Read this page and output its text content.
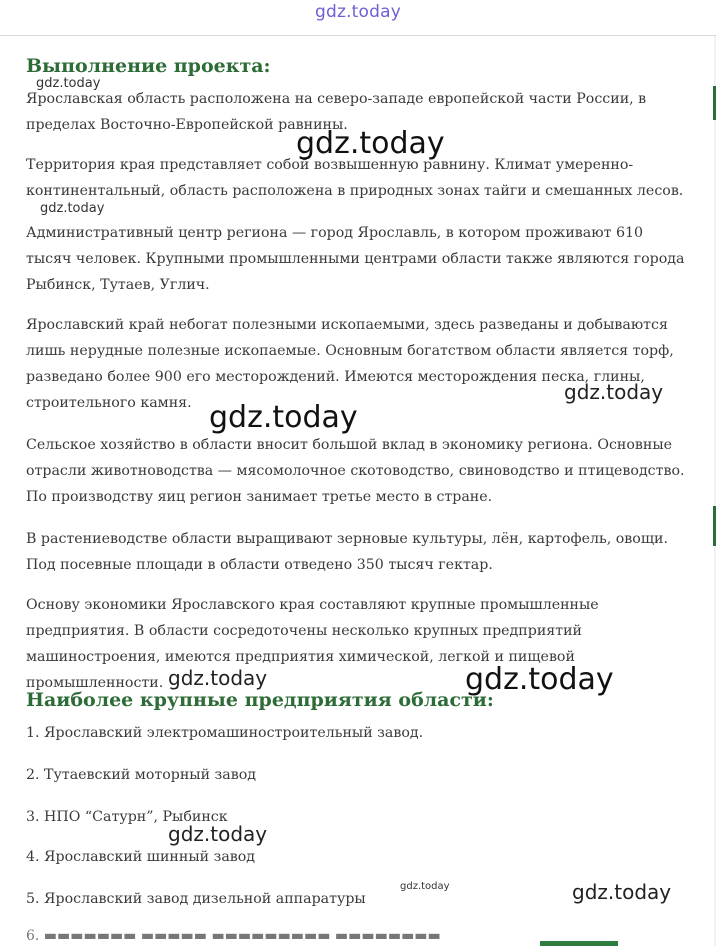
gdz.today
Выполнение проекта:

Ярославская область расположена на северо-западе европейской части России, в пределах Восточно-Европейской равнины.

Территория края представляет собой возвышенную равнину. Климат умеренно-континентальный, область расположена в природных зонах тайги и смешанных лесов.

Административный центр региона — город Ярославль, в котором проживают 610 тысяч человек. Крупными промышленными центрами области также являются города Рыбинск, Тутаев, Углич.

Ярославский край небогат полезными ископаемыми, здесь разведаны и добываются лишь нерудные полезные ископаемые. Основным богатством области является торф, разведано более 900 его месторождений. Имеются месторождения песка, глины, строительного камня.

Сельское хозяйство в области вносит большой вклад в экономику региона. Основные отрасли животноводства — мясомолочное скотоводство, свиноводство и птицеводство. По производству яиц регион занимает третье место в стране.

В растениеводстве области выращивают зерновые культуры, лён, картофель, овощи. Под посевные площади в области отведено 350 тысяч гектар.

Основу экономики Ярославского края составляют крупные промышленные предприятия. В области сосредоточены несколько крупных предприятий машиностроения, имеются предприятия химической, легкой и пищевой промышленности.

Наиболее крупные предприятия области:

1. Ярославский электромашиностроительный завод.

2. Тутаевский моторный завод

3. НПО “Сатурн”, Рыбинск

4. Ярославский шинный завод

5. Ярославский завод дизельной аппаратуры

6. ▬▬▬▬▬▬▬ ▬▬▬▬▬ ▬▬▬▬▬▬▬▬▬ ▬▬▬▬▬▬▬▬
gdz.today
gdz.today
gdz.today
gdz.today
gdz.today
gdz.today	gdz.today
gdz.today
gdz.today	gdz.today
